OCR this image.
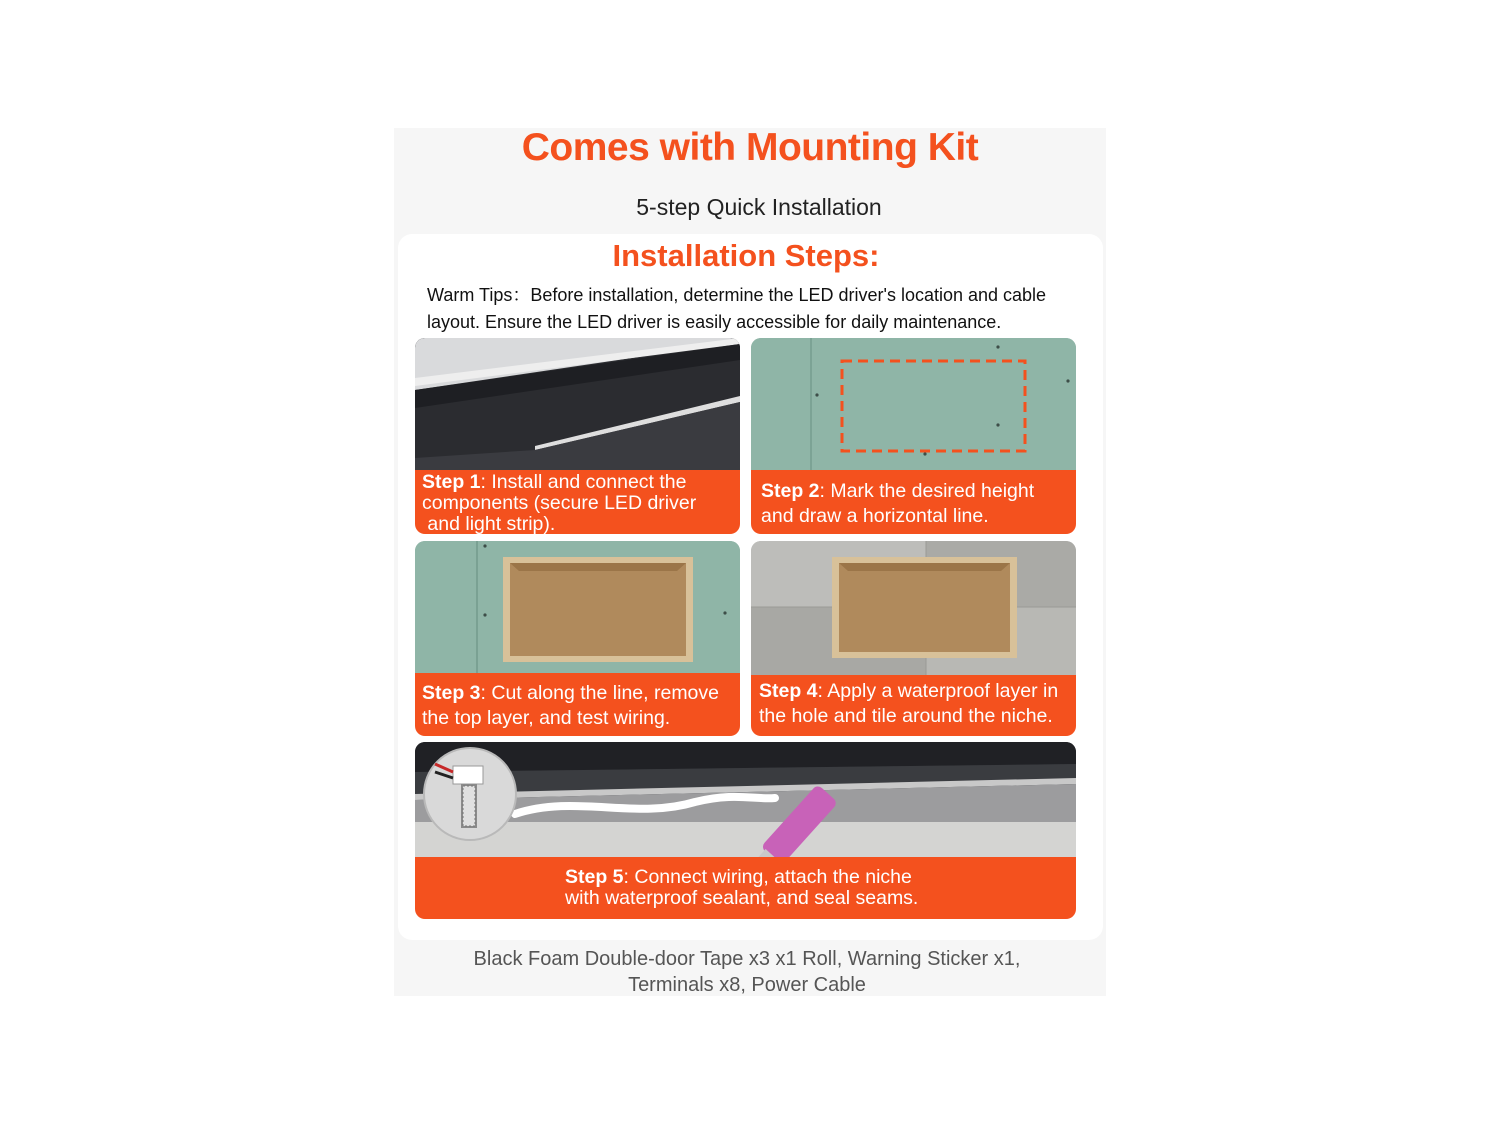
Comes with Mounting Kit
5-step Quick Installation
Installation Steps:
Warm Tips：Before installation, determine the LED driver's location and cable layout. Ensure the LED driver is easily accessible for daily maintenance.
Step 1: Install and connect the
components (secure LED driver
and light strip).
Step 2: Mark the desired height
and draw a horizontal line.
Step 3: Cut along the line, remove
the top layer, and test wiring.
Step 4: Apply a waterproof layer in
the hole and tile around the niche.
Step 5: Connect wiring, attach the niche
with waterproof sealant, and seal seams.
Black Foam Double-door Tape x3 x1 Roll, Warning Sticker x1,
Terminals x8, Power Cable
